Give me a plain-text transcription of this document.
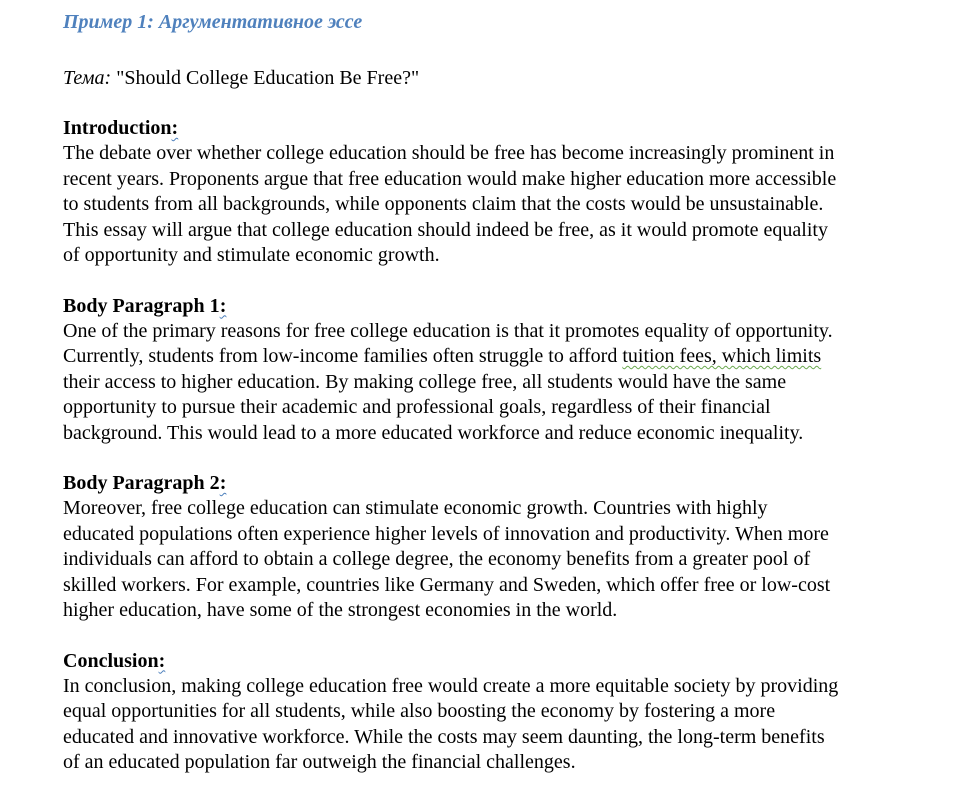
Пример 1: Аргументативное эссе
Тема: "Should College Education Be Free?"
Introduction:

The debate over whether college education should be free has become increasingly prominent in
recent years. Proponents argue that free education would make higher education more accessible
to students from all backgrounds, while opponents claim that the costs would be unsustainable.
This essay will argue that college education should indeed be free, as it would promote equality
of opportunity and stimulate economic growth.

Body Paragraph 1:

One of the primary reasons for free college education is that it promotes equality of opportunity.
Currently, students from low-income families often struggle to afford tuition fees, which limits
their access to higher education. By making college free, all students would have the same
opportunity to pursue their academic and professional goals, regardless of their financial
background. This would lead to a more educated workforce and reduce economic inequality.

Body Paragraph 2:

Moreover, free college education can stimulate economic growth. Countries with highly
educated populations often experience higher levels of innovation and productivity. When more
individuals can afford to obtain a college degree, the economy benefits from a greater pool of
skilled workers. For example, countries like Germany and Sweden, which offer free or low-cost
higher education, have some of the strongest economies in the world.

Conclusion:

In conclusion, making college education free would create a more equitable society by providing
equal opportunities for all students, while also boosting the economy by fostering a more
educated and innovative workforce. While the costs may seem daunting, the long-term benefits
of an educated population far outweigh the financial challenges.
